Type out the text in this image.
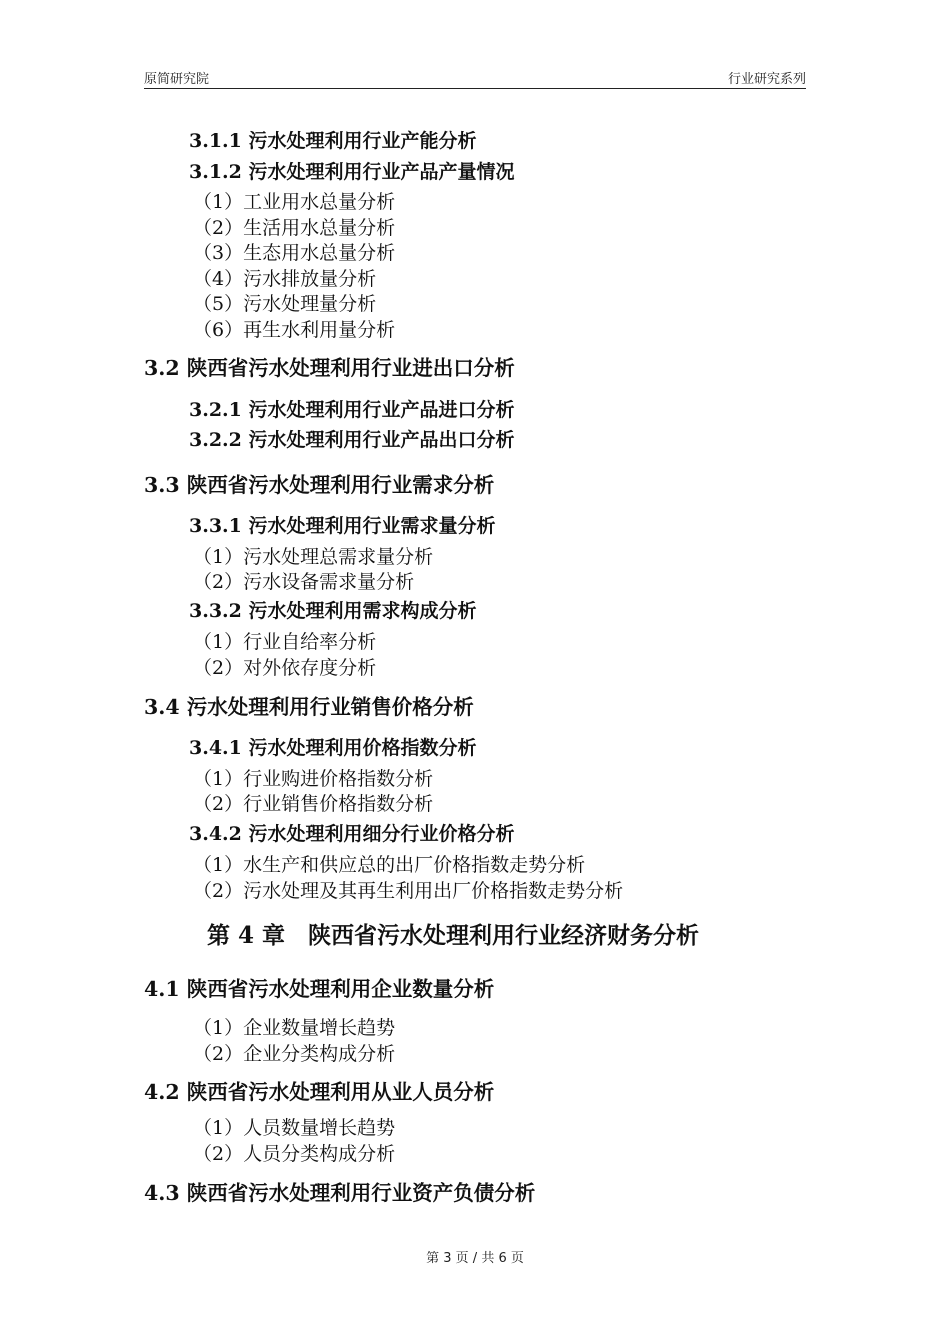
原简研究院	行业研究系列
3.1.1 污水处理利用行业产能分析
3.1.2 污水处理利用行业产品产量情况
（1）工业用水总量分析
（2）生活用水总量分析
（3）生态用水总量分析
（4）污水排放量分析
（5）污水处理量分析
（6）再生水利用量分析
3.2 陕西省污水处理利用行业进出口分析
3.2.1 污水处理利用行业产品进口分析
3.2.2 污水处理利用行业产品出口分析
3.3 陕西省污水处理利用行业需求分析
3.3.1 污水处理利用行业需求量分析
（1）污水处理总需求量分析
（2）污水设备需求量分析
3.3.2 污水处理利用需求构成分析
（1）行业自给率分析
（2）对外依存度分析
3.4 污水处理利用行业销售价格分析
3.4.1 污水处理利用价格指数分析
（1）行业购进价格指数分析
（2）行业销售价格指数分析
3.4.2 污水处理利用细分行业价格分析
（1）水生产和供应总的出厂价格指数走势分析
（2）污水处理及其再生利用出厂价格指数走势分析
第 4 章　陕西省污水处理利用行业经济财务分析
4.1 陕西省污水处理利用企业数量分析
（1）企业数量增长趋势
（2）企业分类构成分析
4.2 陕西省污水处理利用从业人员分析
（1）人员数量增长趋势
（2）人员分类构成分析
4.3 陕西省污水处理利用行业资产负债分析
第 3 页 / 共 6 页
